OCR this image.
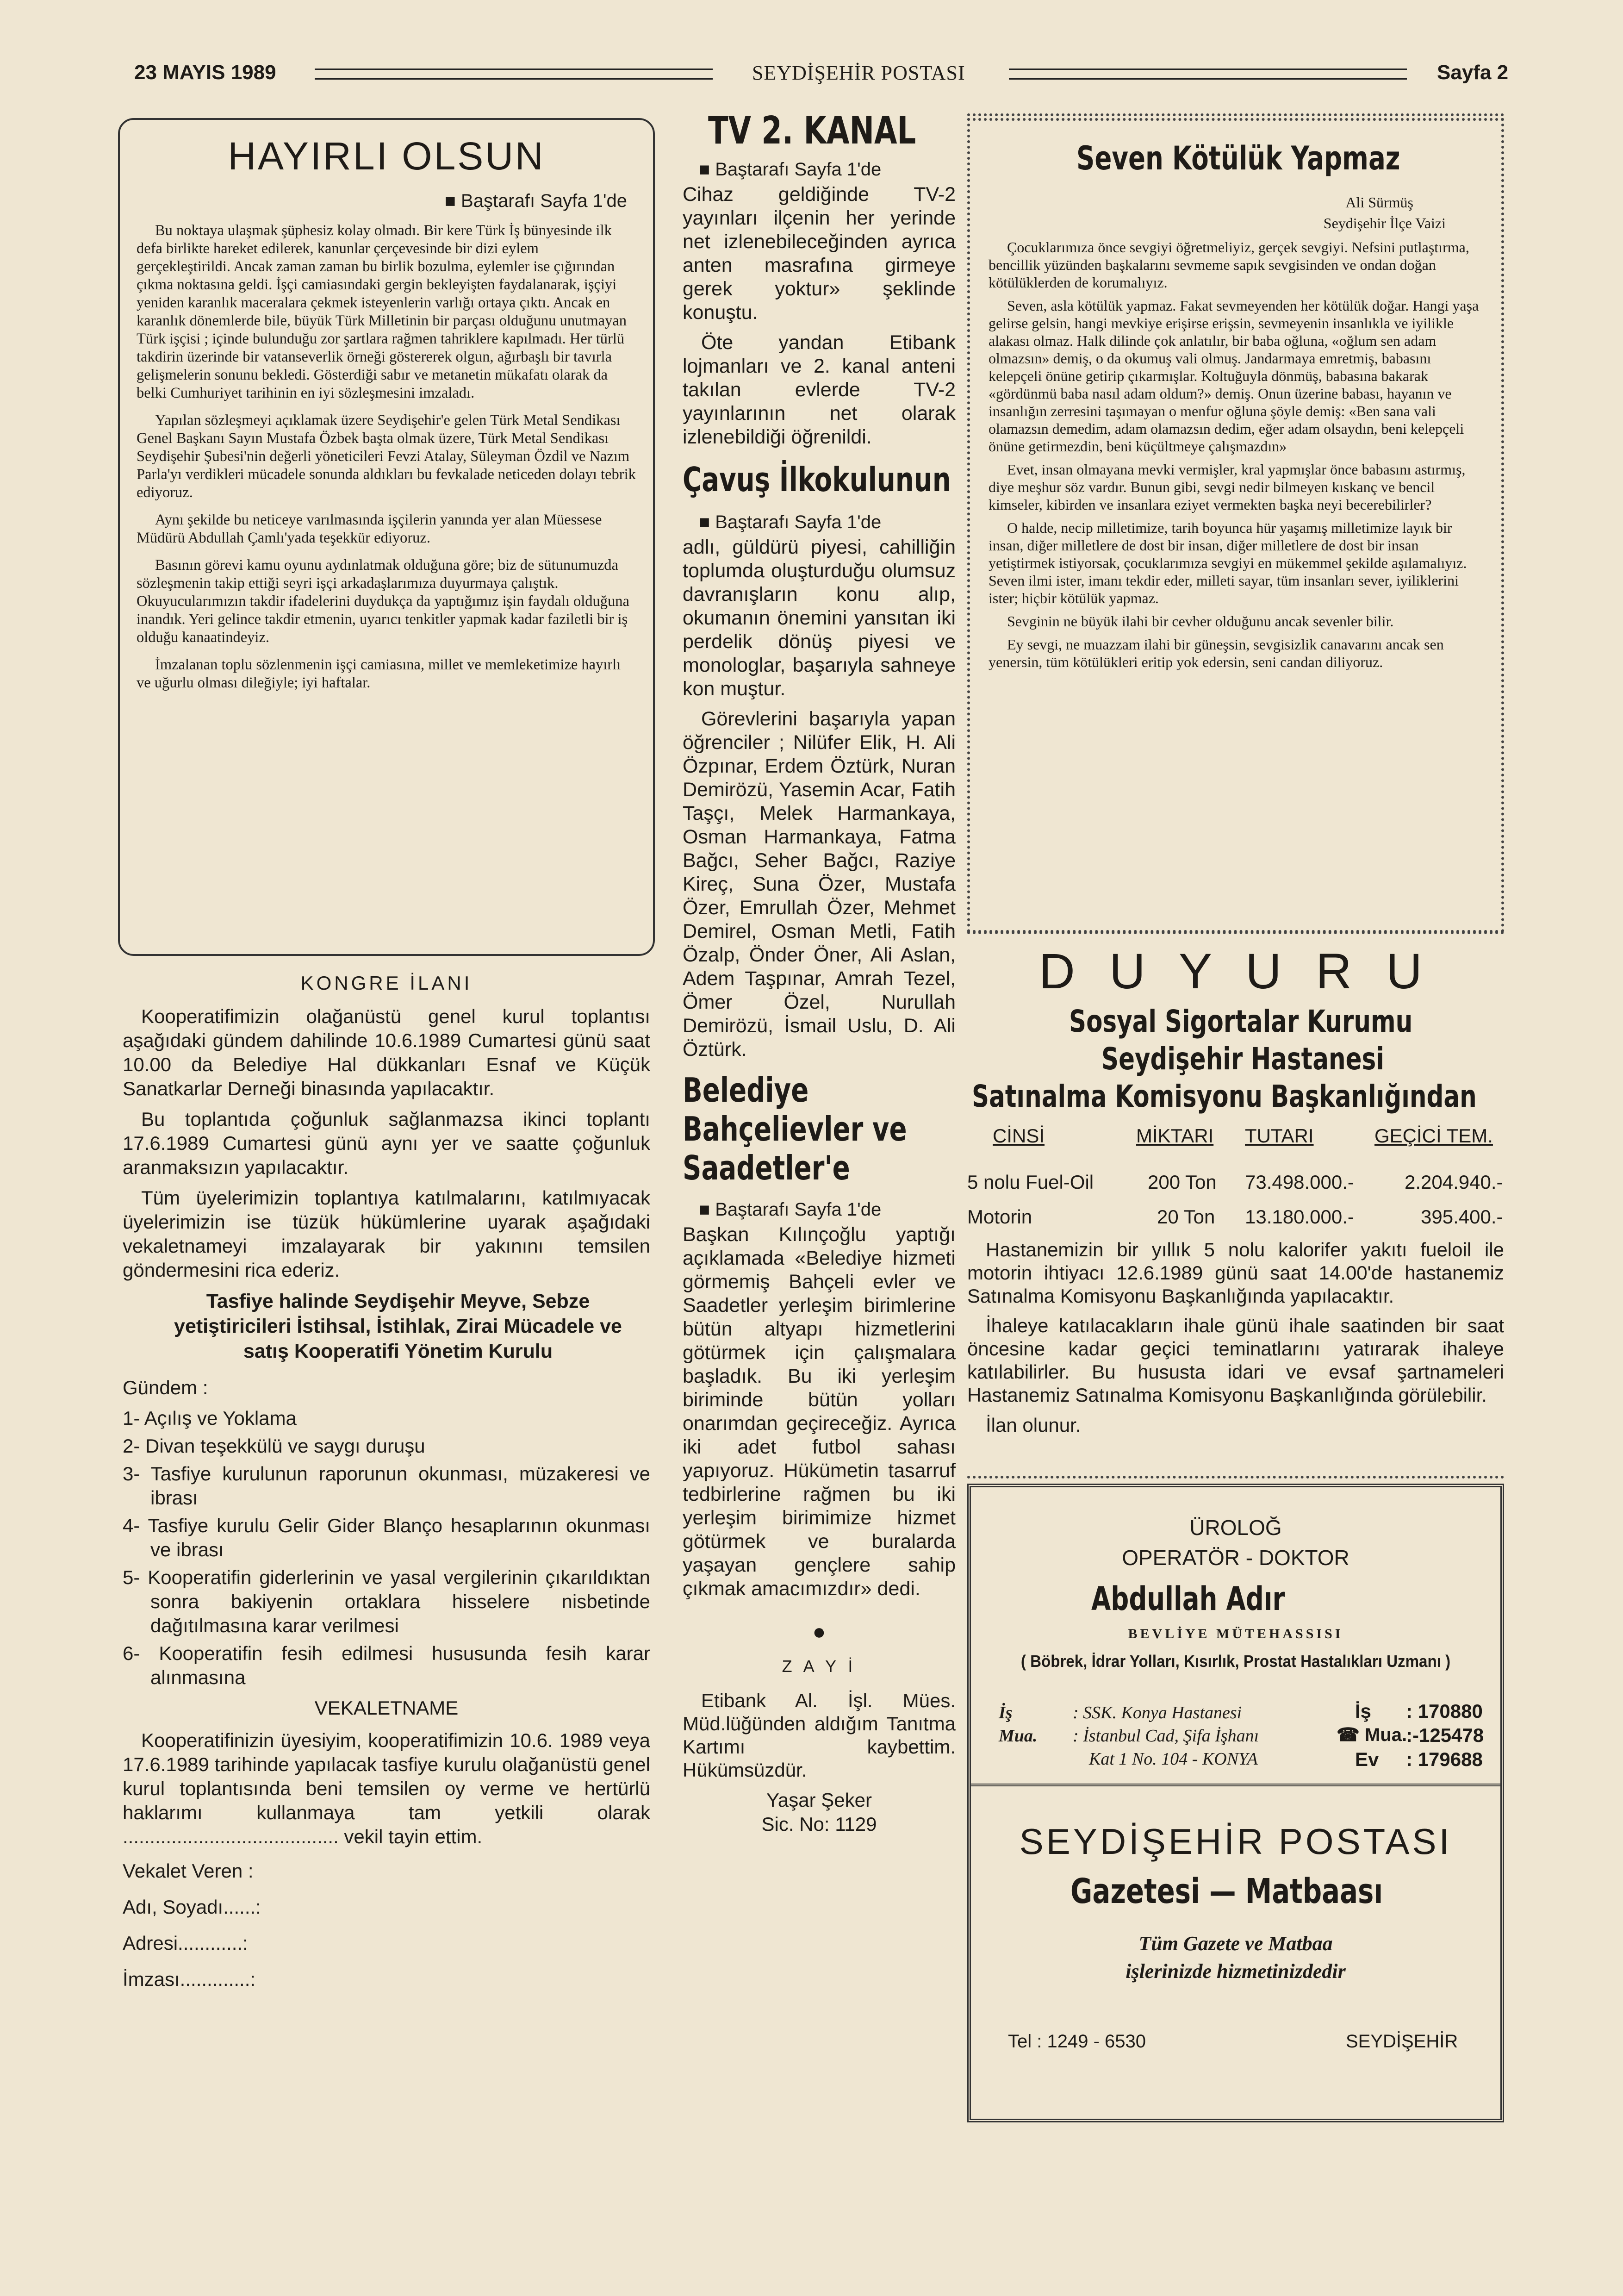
23 MAYIS 1989	SEYDİŞEHİR POSTASI	Sayfa 2
HAYIRLI OLSUN
■ Baştarafı Sayfa 1'de

Bu noktaya ulaşmak şüphesiz kolay olmadı. Bir kere Türk İş bünyesinde ilk defa birlikte hareket edilerek, kanunlar çerçevesinde bir dizi eylem gerçekleştirildi. Ancak zaman zaman bu birlik bozulma, eylemler ise çığırından çıkma noktasına geldi. İşçi camiasındaki gergin bekleyişten faydalanarak, işçiyi yeniden karanlık maceralara çekmek isteyenlerin varlığı ortaya çıktı. Ancak en karanlık dönemlerde bile, büyük Türk Milletinin bir parçası olduğunu unutmayan Türk işçisi ; içinde bulunduğu zor şartlara rağmen tahriklere kapılmadı. Her türlü takdirin üzerinde bir vatanseverlik örneği göstererek olgun, ağırbaşlı bir tavırla gelişmelerin sonunu bekledi. Gösterdiği sabır ve metanetin mükafatı olarak da belki Cumhuriyet tarihinin en iyi sözleşmesini imzaladı.

Yapılan sözleşmeyi açıklamak üzere Seydişehir'e gelen Türk Metal Sendikası Genel Başkanı Sayın Mustafa Özbek başta olmak üzere, Türk Metal Sendikası Seydişehir Şubesi'nin değerli yöneticileri Fevzi Atalay, Süleyman Özdil ve Nazım Parla'yı verdikleri mücadele sonunda aldıkları bu fevkalade neticeden dolayı tebrik ediyoruz.

Aynı şekilde bu neticeye varılmasında işçilerin yanında yer alan Müessese Müdürü Abdullah Çamlı'yada teşekkür ediyoruz.

Basının görevi kamu oyunu aydınlatmak olduğuna göre; biz de sütunumuzda sözleşmenin takip ettiği seyri işçi arkadaşlarımıza duyurmaya çalıştık. Okuyucularımızın takdir ifadelerini duydukça da yaptığımız işin faydalı olduğuna inandık. Yeri gelince takdir etmenin, uyarıcı tenkitler yapmak kadar faziletli bir iş olduğu kanaatindeyiz.

İmzalanan toplu sözlenmenin işçi camiasına, millet ve memleketimize hayırlı ve uğurlu olması dileğiyle; iyi haftalar.

KONGRE İLANI

Kooperatifimizin olağanüstü genel kurul toplantısı aşağıdaki gündem dahilinde 10.6.1989 Cumartesi günü saat 10.00 da Belediye Hal dükkanları Esnaf ve Küçük Sanatkarlar Derneği binasında yapılacaktır.

Bu toplantıda çoğunluk sağlanmazsa ikinci toplantı 17.6.1989 Cumartesi günü aynı yer ve saatte çoğunluk aranmaksızın yapılacaktır.

Tüm üyelerimizin toplantıya katılmalarını, katılmıyacak üyelerimizin ise tüzük hükümlerine uyarak aşağıdaki vekaletnameyi imzalayarak bir yakınını temsilen göndermesini rica ederiz.

Tasfiye halinde Seydişehir Meyve, Sebze yetiştiricileri İstihsal, İstihlak, Zirai Mücadele ve satış Kooperatifi Yönetim Kurulu

Gündem :
1- Açılış ve Yoklama
2- Divan teşekkülü ve saygı duruşu
3- Tasfiye kurulunun raporunun okunması, müzakeresi ve ibrası
4- Tasfiye kurulu Gelir Gider Blanço hesaplarının okunması ve ibrası
5- Kooperatifin giderlerinin ve yasal vergilerinin çıkarıldıktan sonra bakiyenin ortaklara hisselere nisbetinde dağıtılmasına karar verilmesi
6- Kooperatifin fesih edilmesi hususunda fesih karar alınmasına
VEKALETNAME

Kooperatifinizin üyesiyim, kooperatifimizin 10.6. 1989 veya 17.6.1989 tarihinde yapılacak tasfiye kurulu olağanüstü genel kurul toplantısında beni temsilen oy verme ve hertürlü haklarımı kullanmaya tam yetkili olarak ........................................ vekil tayin ettim.

Vekalet Veren :
Adı, Soyadı......:
Adresi............:
İmzası.............:
TV 2. KANAL
■ Baştarafı Sayfa 1'de

Cihaz geldiğinde TV-2 yayınları ilçenin her yerinde net izlenebileceğinden ayrıca anten masrafına girmeye gerek yoktur» şeklinde konuştu.

Öte yandan Etibank lojmanları ve 2. kanal anteni takılan evlerde TV-2 yayınlarının net olarak izlenebildiği öğrenildi.

Çavuş İlkokulunun
■ Baştarafı Sayfa 1'de

adlı, güldürü piyesi, cahilliğin toplumda oluşturduğu olumsuz davranışların konu alıp, okumanın önemini yansıtan iki perdelik dönüş piyesi ve monologlar, başarıyla sahneye kon muştur.

Görevlerini başarıyla yapan öğrenciler ; Nilüfer Elik, H. Ali Özpınar, Erdem Öztürk, Nuran Demirözü, Yasemin Acar, Fatih Taşçı, Melek Harmankaya, Osman Harmankaya, Fatma Bağcı, Seher Bağcı, Raziye Kireç, Suna Özer, Mustafa Özer, Emrullah Özer, Mehmet Demirel, Osman Metli, Fatih Özalp, Önder Öner, Ali Aslan, Adem Taşpınar, Amrah Tezel, Ömer Özel, Nurullah Demirözü, İsmail Uslu, D. Ali Öztürk.

Belediye
Bahçelievler ve
Saadetler'e
■ Baştarafı Sayfa 1'de

Başkan Kılınçoğlu yaptığı açıklamada «Belediye hizmeti görmemiş Bahçeli evler ve Saadetler yerleşim birimlerine bütün altyapı hizmetlerini götürmek için çalışmalara başladık. Bu iki yerleşim biriminde bütün yolları onarımdan geçireceğiz. Ayrıca iki adet futbol sahası yapıyoruz. Hükümetin tasarruf tedbirlerine rağmen bu iki yerleşim birimimize hizmet götürmek ve buralarda yaşayan gençlere sahip çıkmak amacımızdır» dedi.

●
Z A Y İ

Etibank Al. İşl. Mües. Müd.lüğünden aldığım Tanıtma Kartımı kaybettim. Hükümsüzdür.

Yaşar Şeker
Sic. No: 1129
Seven Kötülük Yapmaz
Ali Sürmüş
Seydişehir İlçe Vaizi

Çocuklarımıza önce sevgiyi öğretmeliyiz, gerçek sevgiyi. Nefsini putlaştırma, bencillik yüzünden başkalarını sevmeme sapık sevgisinden ve ondan doğan kötülüklerden de korumalıyız.

Seven, asla kötülük yapmaz. Fakat sevmeyenden her kötülük doğar. Hangi yaşa gelirse gelsin, hangi mevkiye erişirse erişsin, sevmeyenin insanlıkla ve iyilikle alakası olmaz. Halk dilinde çok anlatılır, bir baba oğluna, «oğlum sen adam olmazsın» demiş, o da okumuş vali olmuş. Jandarmaya emretmiş, babasını kelepçeli önüne getirip çıkarmışlar. Koltuğuyla dönmüş, babasına bakarak «gördünmü baba nasıl adam oldum?» demiş. Onun üzerine babası, hayanın ve insanlığın zerresini taşımayan o menfur oğluna şöyle demiş: «Ben sana vali olamazsın demedim, adam olamazsın dedim, eğer adam olsaydın, beni kelepçeli önüne getirmezdin, beni küçültmeye çalışmazdın»

Evet, insan olmayana mevki vermişler, kral yapmışlar önce babasını astırmış, diye meşhur söz vardır. Bunun gibi, sevgi nedir bilmeyen kıskanç ve bencil kimseler, kibirden ve insanlara eziyet vermekten başka neyi becerebilirler?

O halde, necip milletimize, tarih boyunca hür yaşamış milletimize layık bir insan, diğer milletlere de dost bir insan, diğer milletlere de dost bir insan yetiştirmek istiyorsak, çocuklarımıza sevgiyi en mükemmel şekilde aşılamalıyız. Seven ilmi ister, imanı tekdir eder, milleti sayar, tüm insanları sever, iyiliklerini ister; hiçbir kötülük yapmaz.

Sevginin ne büyük ilahi bir cevher olduğunu ancak sevenler bilir.

Ey sevgi, ne muazzam ilahi bir güneşsin, sevgisizlik canavarını ancak sen yenersin, tüm kötülükleri eritip yok edersin, seni candan diliyoruz.

D U Y U R U
Sosyal Sigortalar Kurumu
Seydişehir Hastanesi
Satınalma Komisyonu Başkanlığından
CİNSİ	MİKTARI TUTARI	GEÇİCİ TEM.
5 nolu Fuel-Oil	200 Ton 73.498.000.-	2.204.940.-
Motorin	20 Ton 13.180.000.-	395.400.-

Hastanemizin bir yıllık 5 nolu kalorifer yakıtı fueloil ile motorin ihtiyacı 12.6.1989 günü saat 14.00'de hastanemiz Satınalma Komisyonu Başkanlığında yapılacaktır.

İhaleye katılacakların ihale günü ihale saatinden bir saat öncesine kadar geçici teminatlarını yatırarak ihaleye katılabilirler. Bu hususta idari ve evsaf şartnameleri Hastanemiz Satınalma Komisyonu Başkanlığında görülebilir.

İlan olunur.
ÜROLOĞ
OPERATÖR - DOKTOR
Abdullah Adır
BEVLİYE MÜTEHASSISI
( Böbrek, İdrar Yolları, Kısırlık, Prostat Hastalıkları Uzmanı )
İş	: SSK. Konya Hastanesi
Mua. : İstanbul Cad, Şifa İşhanı
Kat 1 No. 104 - KONYA
İş : 170880
☎ Mua.
:-125478
Ev : 179688
SEYDİŞEHİR POSTASI
Gazetesi — Matbaası
Tüm Gazete ve Matbaa
işlerinizde hizmetinizdedir
Tel : 1249 - 6530	SEYDİŞEHİR
